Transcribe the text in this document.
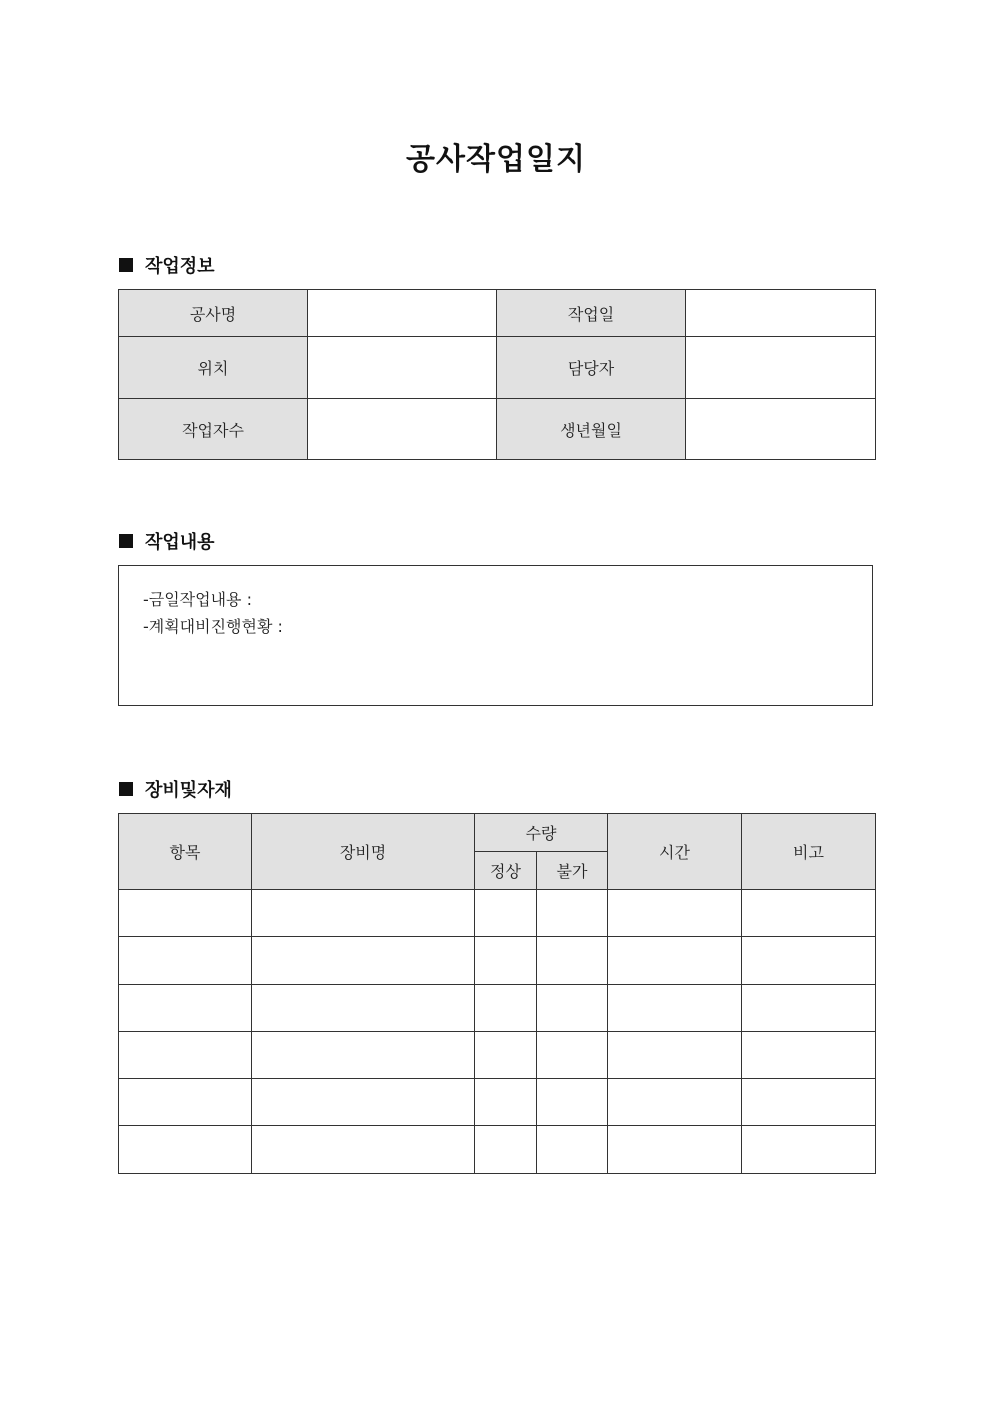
공사작업일지
작업정보
공사명		작업일	
위치		담당자	
작업자수		생년월일	
작업내용
-금일작업내용 :
-계획대비진행현황 :
장비및자재
항목	장비명	수량		시간	비고
		정상	불가		
